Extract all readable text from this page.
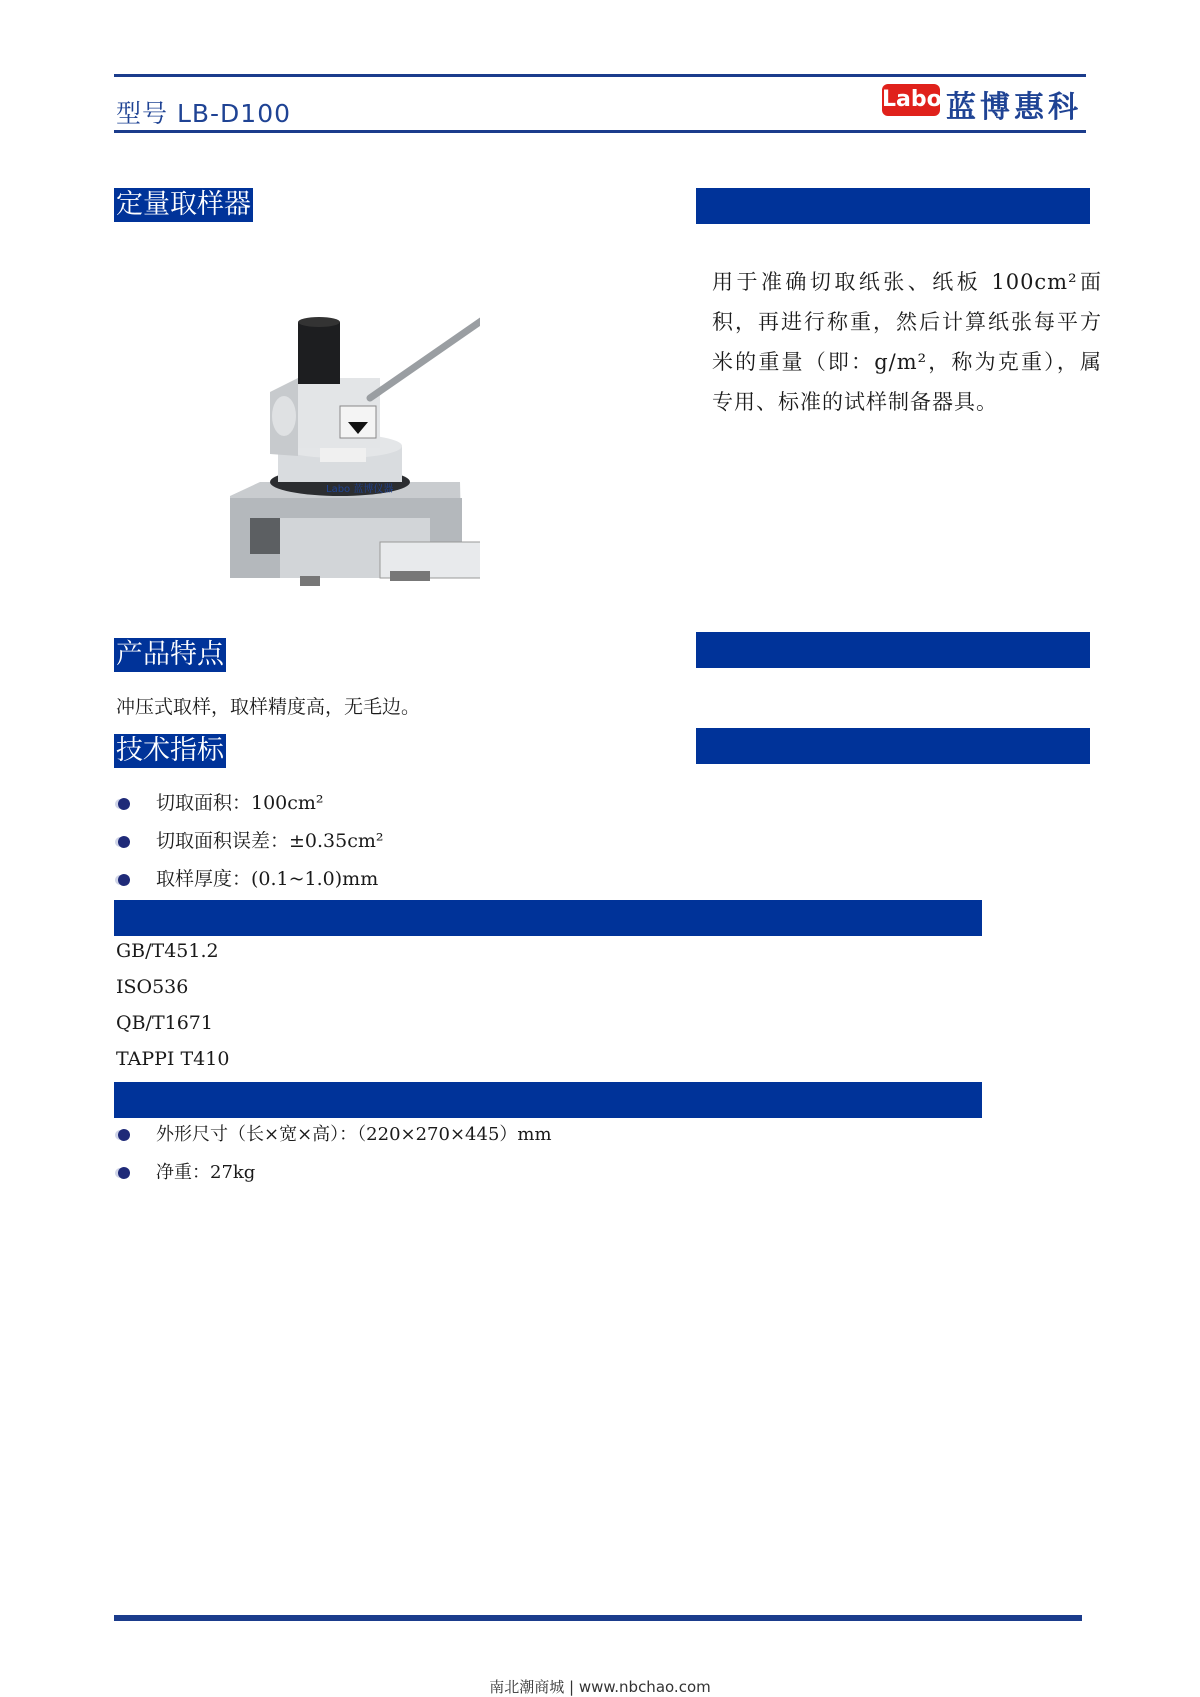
型号 LB-D100	Labo 蓝博惠科
定量取样器
Labo 蓝博仪器
用于准确切取纸张、纸板 100cm²面积，再进行称重，然后计算纸张每平方米的重量（即：g/m²，称为克重），属专用、标准的试样制备器具。
产品特点
冲压式取样，取样精度高，无毛边。
技术指标
切取面积：100cm²
切取面积误差：±0.35cm²
取样厚度：(0.1~1.0)mm
GB/T451.2
ISO536
QB/T1671
TAPPI T410
外形尺寸（长×宽×高）：（220×270×445）mm
净重：27kg
南北潮商城 | www.nbchao.com
